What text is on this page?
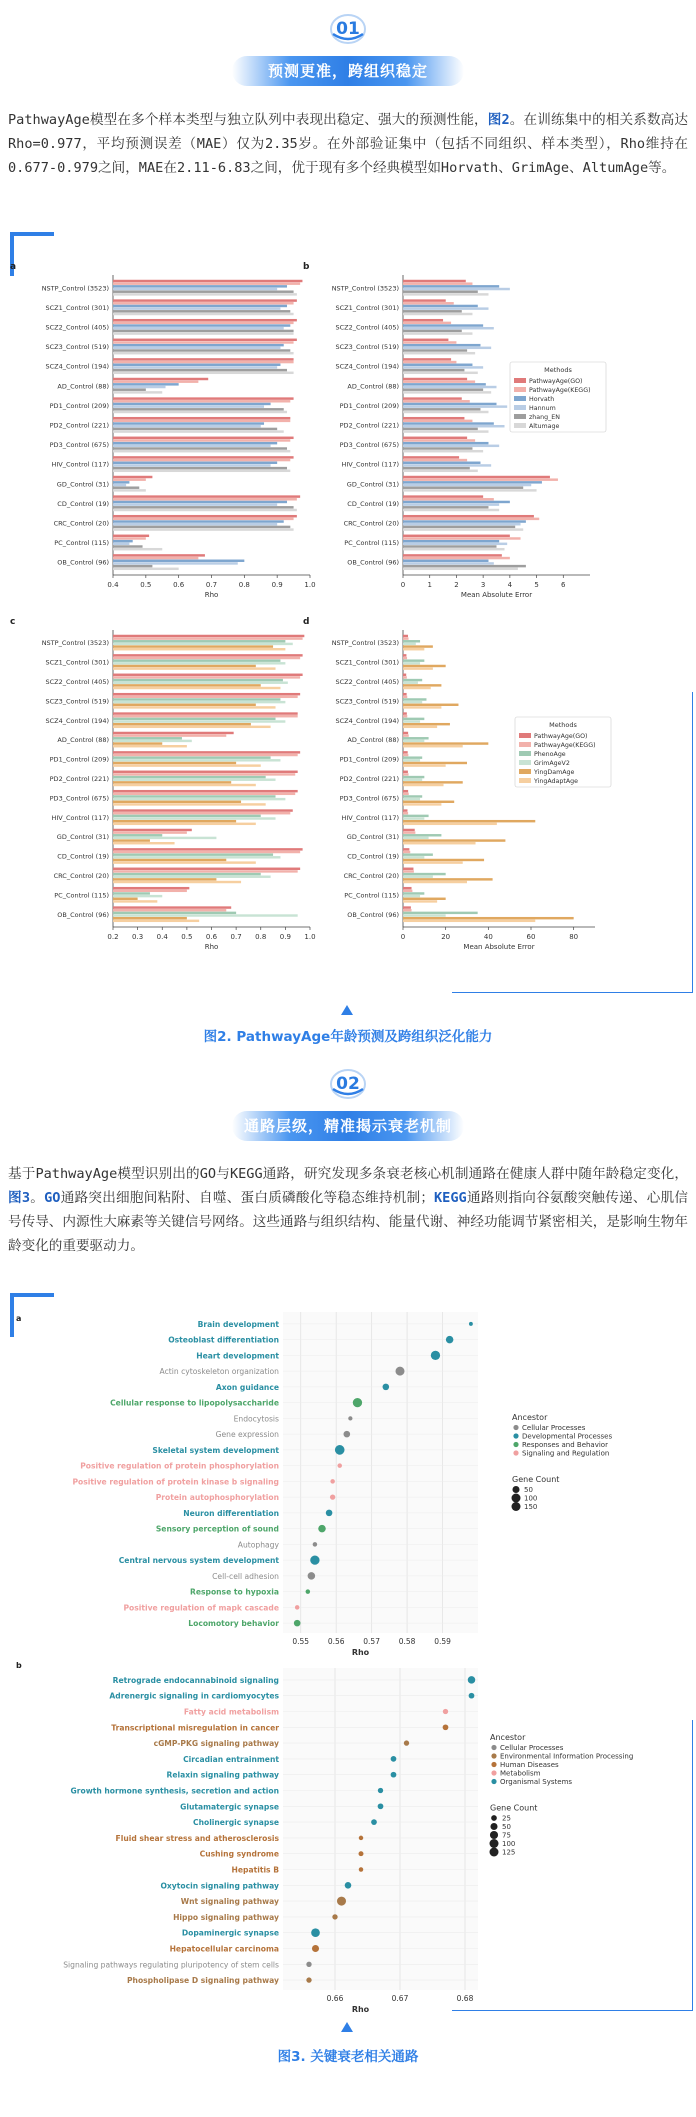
01
预测更准，跨组织稳定
PathwayAge模型在多个样本类型与独立队列中表现出稳定、强大的预测性能，图2。在训练集中的相关系数高达Rho=0.977，平均预测误差（MAE）仅为2.35岁。在外部验证集中（包括不同组织、样本类型），Rho维持在0.677-0.979之间，MAE在2.11-6.83之间，优于现有多个经典模型如Horvath、GrimAge、AltumAge等。
图2. PathwayAge年龄预测及跨组织泛化能力
a
0.4	0.5	0.6	0.7	0.8	0.9	1.0
Rho
NSTP_Control (3523)
SCZ1_Control (301)
SCZ2_Control (405)
SCZ3_Control (519)
SCZ4_Control (194)
AD_Control (88)
PD1_Control (209)
PD2_Control (221)
PD3_Control (675)
HIV_Control (117)
GD_Control (31)
CD_Control (19)
CRC_Control (20)
PC_Control (115)
OB_Control (96)
b
0	1	2	3	4	5	6
Mean Absolute Error
NSTP_Control (3523)
SCZ1_Control (301)
SCZ2_Control (405)
SCZ3_Control (519)
SCZ4_Control (194)
AD_Control (88)
PD1_Control (209)
PD2_Control (221)
PD3_Control (675)
HIV_Control (117)
GD_Control (31)
CD_Control (19)
CRC_Control (20)
PC_Control (115)
OB_Control (96)
Methods
PathwayAge(GO)
PathwayAge(KEGG)
Horvath
Hannum
zhang_EN
Altumage
c
0.2 0.3 0.4 0.5 0.6 0.7 0.8 0.9 1.0
Rho
NSTP_Control (3523)
SCZ1_Control (301)
SCZ2_Control (405)
SCZ3_Control (519)
SCZ4_Control (194)
AD_Control (88)
PD1_Control (209)
PD2_Control (221)
PD3_Control (675)
HIV_Control (117)
GD_Control (31)
CD_Control (19)
CRC_Control (20)
PC_Control (115)
OB_Control (96)
d
0	20	40	60	80
Mean Absolute Error
NSTP_Control (3523)
SCZ1_Control (301)
SCZ2_Control (405)
SCZ3_Control (519)
SCZ4_Control (194)
AD_Control (88)
PD1_Control (209)
PD2_Control (221)
PD3_Control (675)
HIV_Control (117)
GD_Control (31)
CD_Control (19)
CRC_Control (20)
PC_Control (115)
OB_Control (96)
Methods
PathwayAge(GO)
PathwayAge(KEGG)
PhenoAge
GrimAgeV2
YingDamAge
YingAdaptAge
02
通路层级，精准揭示衰老机制
基于PathwayAge模型识别出的GO与KEGG通路，研究发现多条衰老核心机制通路在健康人群中随年龄稳定变化，图3。GO通路突出细胞间粘附、自噬、蛋白质磷酸化等稳态维持机制；KEGG通路则指向谷氨酸突触传递、心肌信号传导、内源性大麻素等关键信号网络。这些通路与组织结构、能量代谢、神经功能调节紧密相关，是影响生物年龄变化的重要驱动力。
图3. 关键衰老相关通路
a
0.55	0.56	0.57	0.58	0.59
Rho
Brain development
Osteoblast differentiation
Heart development
Actin cytoskeleton organization
Axon guidance
Cellular response to lipopolysaccharide
Endocytosis
Gene expression
Skeletal system development
Positive regulation of protein phosphorylation
Positive regulation of protein kinase b signaling
Protein autophosphorylation
Neuron differentiation
Sensory perception of sound
Autophagy
Central nervous system development
Cell-cell adhesion
Response to hypoxia
Positive regulation of mapk cascade
Locomotory behavior
Ancestor
Cellular Processes
Developmental Processes
Responses and Behavior
Signaling and Regulation
Gene Count
50
100
150
b
0.66	0.67	0.68
Rho
Retrograde endocannabinoid signaling
Adrenergic signaling in cardiomyocytes
Fatty acid metabolism
Transcriptional misregulation in cancer
cGMP-PKG signaling pathway
Circadian entrainment
Relaxin signaling pathway
Growth hormone synthesis, secretion and action
Glutamatergic synapse
Cholinergic synapse
Fluid shear stress and atherosclerosis
Cushing syndrome
Hepatitis B
Oxytocin signaling pathway
Wnt signaling pathway
Hippo signaling pathway
Dopaminergic synapse
Hepatocellular carcinoma
Signaling pathways regulating pluripotency of stem cells
Phospholipase D signaling pathway
Ancestor
Cellular Processes
Environmental Information Processing
Human Diseases
Metabolism
Organismal Systems
Gene Count
25
50
75
100
125
